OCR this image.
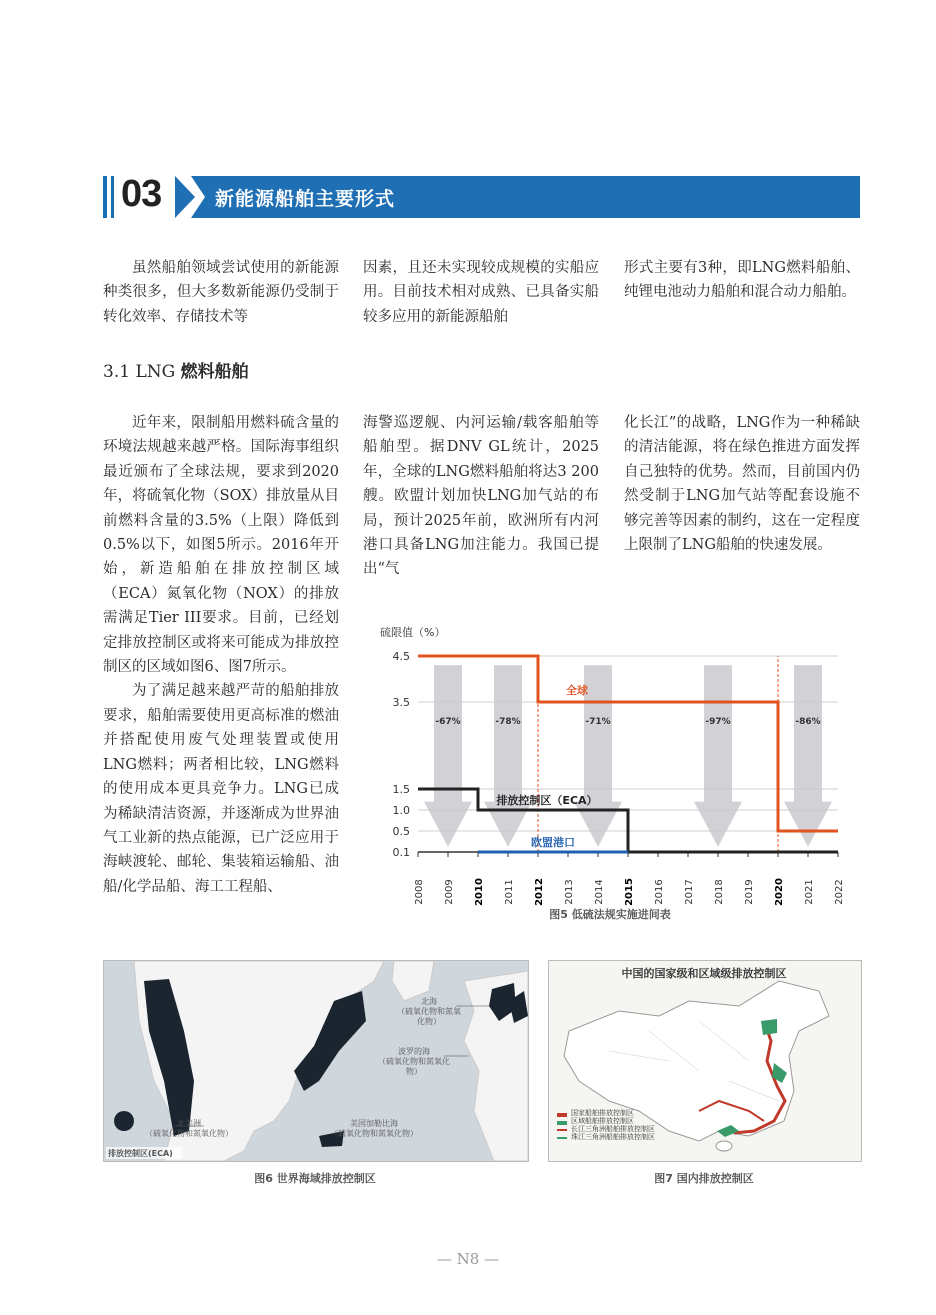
03	新能源船舶主要形式

虽然船舶领域尝试使用的新能源种类很多，但大多数新能源仍受制于转化效率、存储技术等

因素，且还未实现较成规模的实船应用。目前技术相对成熟、已具备实船较多应用的新能源船舶

形式主要有3种，即LNG燃料船舶、纯锂电池动力船舶和混合动力船舶。

3.1 LNG 燃料船舶

近年来，限制船用燃料硫含量的环境法规越来越严格。国际海事组织最近颁布了全球法规，要求到2020年，将硫氧化物（SOX）排放量从目前燃料含量的3.5%（上限）降低到0.5%以下，如图5所示。2016年开始，新造船舶在排放控制区域（ECA）氮氧化物（NOX）的排放需满足Tier III要求。目前，已经划定排放控制区或将来可能成为排放控制区的区域如图6、图7所示。

为了满足越来越严苛的船舶排放要求，船舶需要使用更高标准的燃油并搭配使用废气处理装置或使用LNG燃料；两者相比较，LNG燃料的使用成本更具竞争力。LNG已成为稀缺清洁资源，并逐渐成为世界油气工业新的热点能源，已广泛应用于海峡渡轮、邮轮、集装箱运输船、油船/化学品船、海工工程船、

海警巡逻舰、内河运输/载客船舶等船舶型。据DNV GL统计，2025年，全球的LNG燃料船舶将达3 200艘。欧盟计划加快LNG加气站的布局，预计2025年前，欧洲所有内河港口具备LNG加注能力。我国已提出“气

化长江”的战略，LNG作为一种稀缺的清洁能源，将在绿色推进方面发挥自己独特的优势。然而，目前国内仍然受制于LNG加气站等配套设施不够完善等因素的制约，这在一定程度上限制了LNG船舶的快速发展。

硫限值（%）
4.5
3.5
1.5
1.0
0.5
0.1
2008 2009 2010 2011 2012 2013 2014 2015 2016 2017 2018 2019 2020 2021 2022
-67%	-78%	-71%	-97%	-86%
全球
排放控制区（ECA）
欧盟港口
图5 低硫法规实施进间表
北海
（硫氧化物和氮氧化物）
波罗的海
（硫氧化物和氮氧化物）
北美洲
（硫氧化物和氮氧化物）
美国加勒比海
（硫氧化物和氮氧化物）
排放控制区(ECA)
图6 世界海域排放控制区
中国的国家级和区域级排放控制区
国家船舶排放控制区
区域船舶排放控制区
长江三角洲船舶排放控制区
珠江三角洲船舶排放控制区
图7 国内排放控制区
— N8 —
